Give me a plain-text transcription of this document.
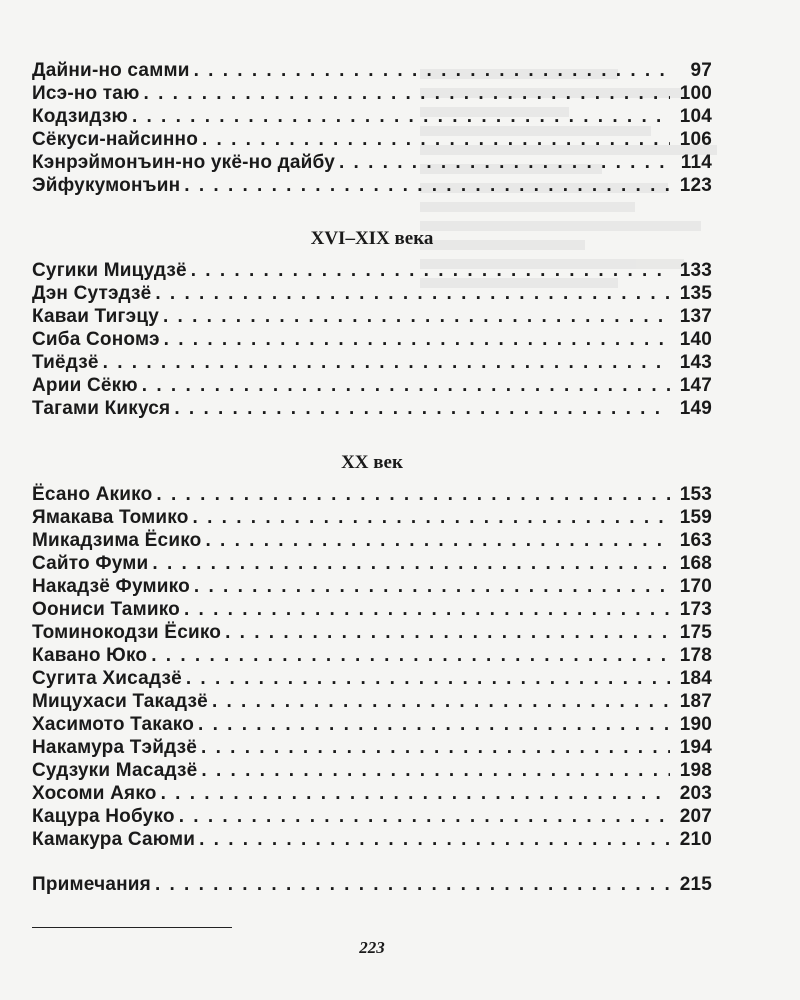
Дайни-но самми . . .	97
Исэ-но таю . . .	100
Кодзидзю . . .	104
Сёкуси-найсинно . . .	106
Кэнрэймонъин-но укё-но дайбу . . .	114
Эйфукумонъин . . .	123
XVI–XIX века
Сугики Мицудзё . . .	133
Дэн Сутэдзё . . .	135
Каваи Тигэцу . . .	137
Сиба Сономэ . . .	140
Тиёдзё . . .	143
Арии Сёкю . . .	147
Тагами Кикуся . . .	149
XX век
Ёсано Акико . . .	153
Ямакава Томико . . .	159
Микадзима Ёсико . . .	163
Сайто Фуми . . .	168
Накадзё Фумико . . .	170
Оониси Тамико . . .	173
Томинокодзи Ёсико . . .	175
Кавано Юко . . .	178
Сугита Хисадзё . . .	184
Мицухаси Такадзё . . .	187
Хасимото Такако . . .	190
Накамура Тэйдзё . . .	194
Судзуки Масадзё . . .	198
Хосоми Аяко . . .	203
Кацура Нобуко . . .	207
Камакура Саюми . . .	210
Примечания . . .	215
223
